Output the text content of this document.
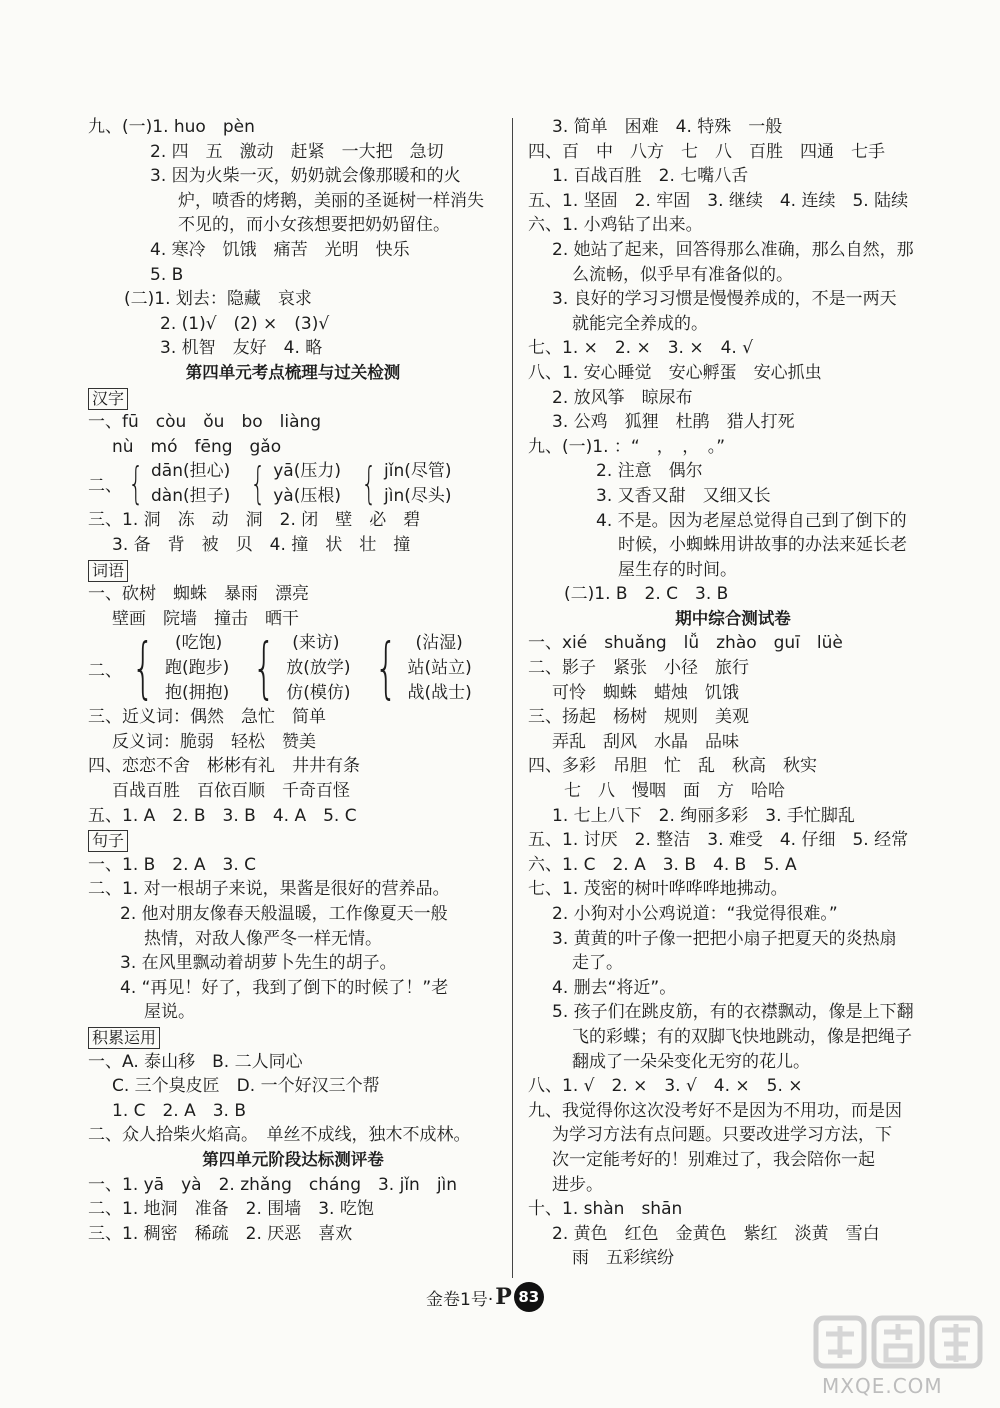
九、(一)1. huo　pèn
2. 四　五　激动　赶紧　一大把　急切
3. 因为火柴一灭，奶奶就会像那暖和的火
炉，喷香的烤鹅，美丽的圣诞树一样消失
不见的，而小女孩想要把奶奶留住。
4. 寒冷　饥饿　痛苦　光明　快乐
5. B
(二)1. 划去：隐藏　哀求
2. (1)√　(2) ×　(3)√
3. 机智　友好　4. 略
第四单元考点梳理与过关检测
汉字
一、fū　còu　ǒu　bo　liàng
nù　mó　fēng　gǎo
二、 { dān(担心)
dàn(担子) { yā(压力)
yà(压根) { jǐn(尽管)
jìn(尽头)
三、1. 洞　冻　动　洞　2. 闭　壁　必　碧
3. 备　背　被　贝　4. 撞　状　壮　撞
词语
一、砍树　蜘蛛　暴雨　漂亮
壁画　院墙　撞击　晒干
二、 {	(吃饱)
跑(跑步)
抱(拥抱) { (来访)
放(放学)
仿(模仿) {	(沾湿)
站(站立)
战(战士)
三、近义词：偶然　急忙　简单
反义词：脆弱　轻松　赞美
四、恋恋不舍　彬彬有礼　井井有条
百战百胜　百依百顺　千奇百怪
五、1. A　2. B　3. B　4. A　5. C
句子
一、1. B　2. A　3. C
二、1. 对一根胡子来说，果酱是很好的营养品。
2. 他对朋友像春天般温暖，工作像夏天一般
热情，对敌人像严冬一样无情。
3. 在风里飘动着胡萝卜先生的胡子。
4. “再见！好了，我到了倒下的时候了！”老
屋说。
积累运用
一、A. 泰山移　B. 二人同心
C. 三个臭皮匠　D. 一个好汉三个帮
1. C　2. A　3. B
二、众人拾柴火焰高。　单丝不成线，独木不成林。
第四单元阶段达标测评卷
一、1. yā　yà　2. zhǎng　cháng　3. jǐn　jìn
二、1. 地洞　准备　2. 围墙　3. 吃饱
三、1. 稠密　稀疏　2. 厌恶　喜欢
3. 简单　困难　4. 特殊　一般
四、百　中　八方　七　八　百胜　四通　七手
1. 百战百胜　2. 七嘴八舌
五、1. 坚固　2. 牢固　3. 继续　4. 连续　5. 陆续
六、1. 小鸡钻了出来。
2. 她站了起来，回答得那么准确，那么自然，那
么流畅，似乎早有准备似的。
3. 良好的学习习惯是慢慢养成的，不是一两天
就能完全养成的。
七、1. ×　2. ×　3. ×　4. √
八、1. 安心睡觉　安心孵蛋　安心抓虫
2. 放风筝　晾尿布
3. 公鸡　狐狸　杜鹃　猎人打死
九、(一)1. ：“　，　，　。”
2. 注意　偶尔
3. 又香又甜　又细又长
4. 不是。因为老屋总觉得自己到了倒下的
时候，小蜘蛛用讲故事的办法来延长老
屋生存的时间。
(二)1. B　2. C　3. B
期中综合测试卷
一、xié　shuǎng　lǚ　zhào　guī　lüè
二、影子　紧张　小径　旅行
可怜　蜘蛛　蜡烛　饥饿
三、扬起　杨树　规则　美观
弄乱　刮风　水晶　品味
四、多彩　吊胆　忙　乱　秋高　秋实
七　八　慢咽　面　方　哈哈
1. 七上八下　2. 绚丽多彩　3. 手忙脚乱
五、1. 讨厌　2. 整洁　3. 难受　4. 仔细　5. 经常
六、1. C　2. A　3. B　4. B　5. A
七、1. 茂密的树叶哗哗哗地拂动。
2. 小狗对小公鸡说道：“我觉得很难。”
3. 黄黄的叶子像一把把小扇子把夏天的炎热扇
走了。
4. 删去“将近”。
5. 孩子们在跳皮筋，有的衣襟飘动，像是上下翻
飞的彩蝶；有的双脚飞快地跳动，像是把绳子
翻成了一朵朵变化无穷的花儿。
八、1. √　2. ×　3. √　4. ×　5. ×
九、我觉得你这次没考好不是因为不用功，而是因
为学习方法有点问题。只要改进学习方法，下
次一定能考好的！别难过了，我会陪你一起
进步。
十、1. shàn　shān
2. 黄色　红色　金黄色　紫红　淡黄　雪白
雨　五彩缤纷
金卷1号· P 83
MXQE.COM
